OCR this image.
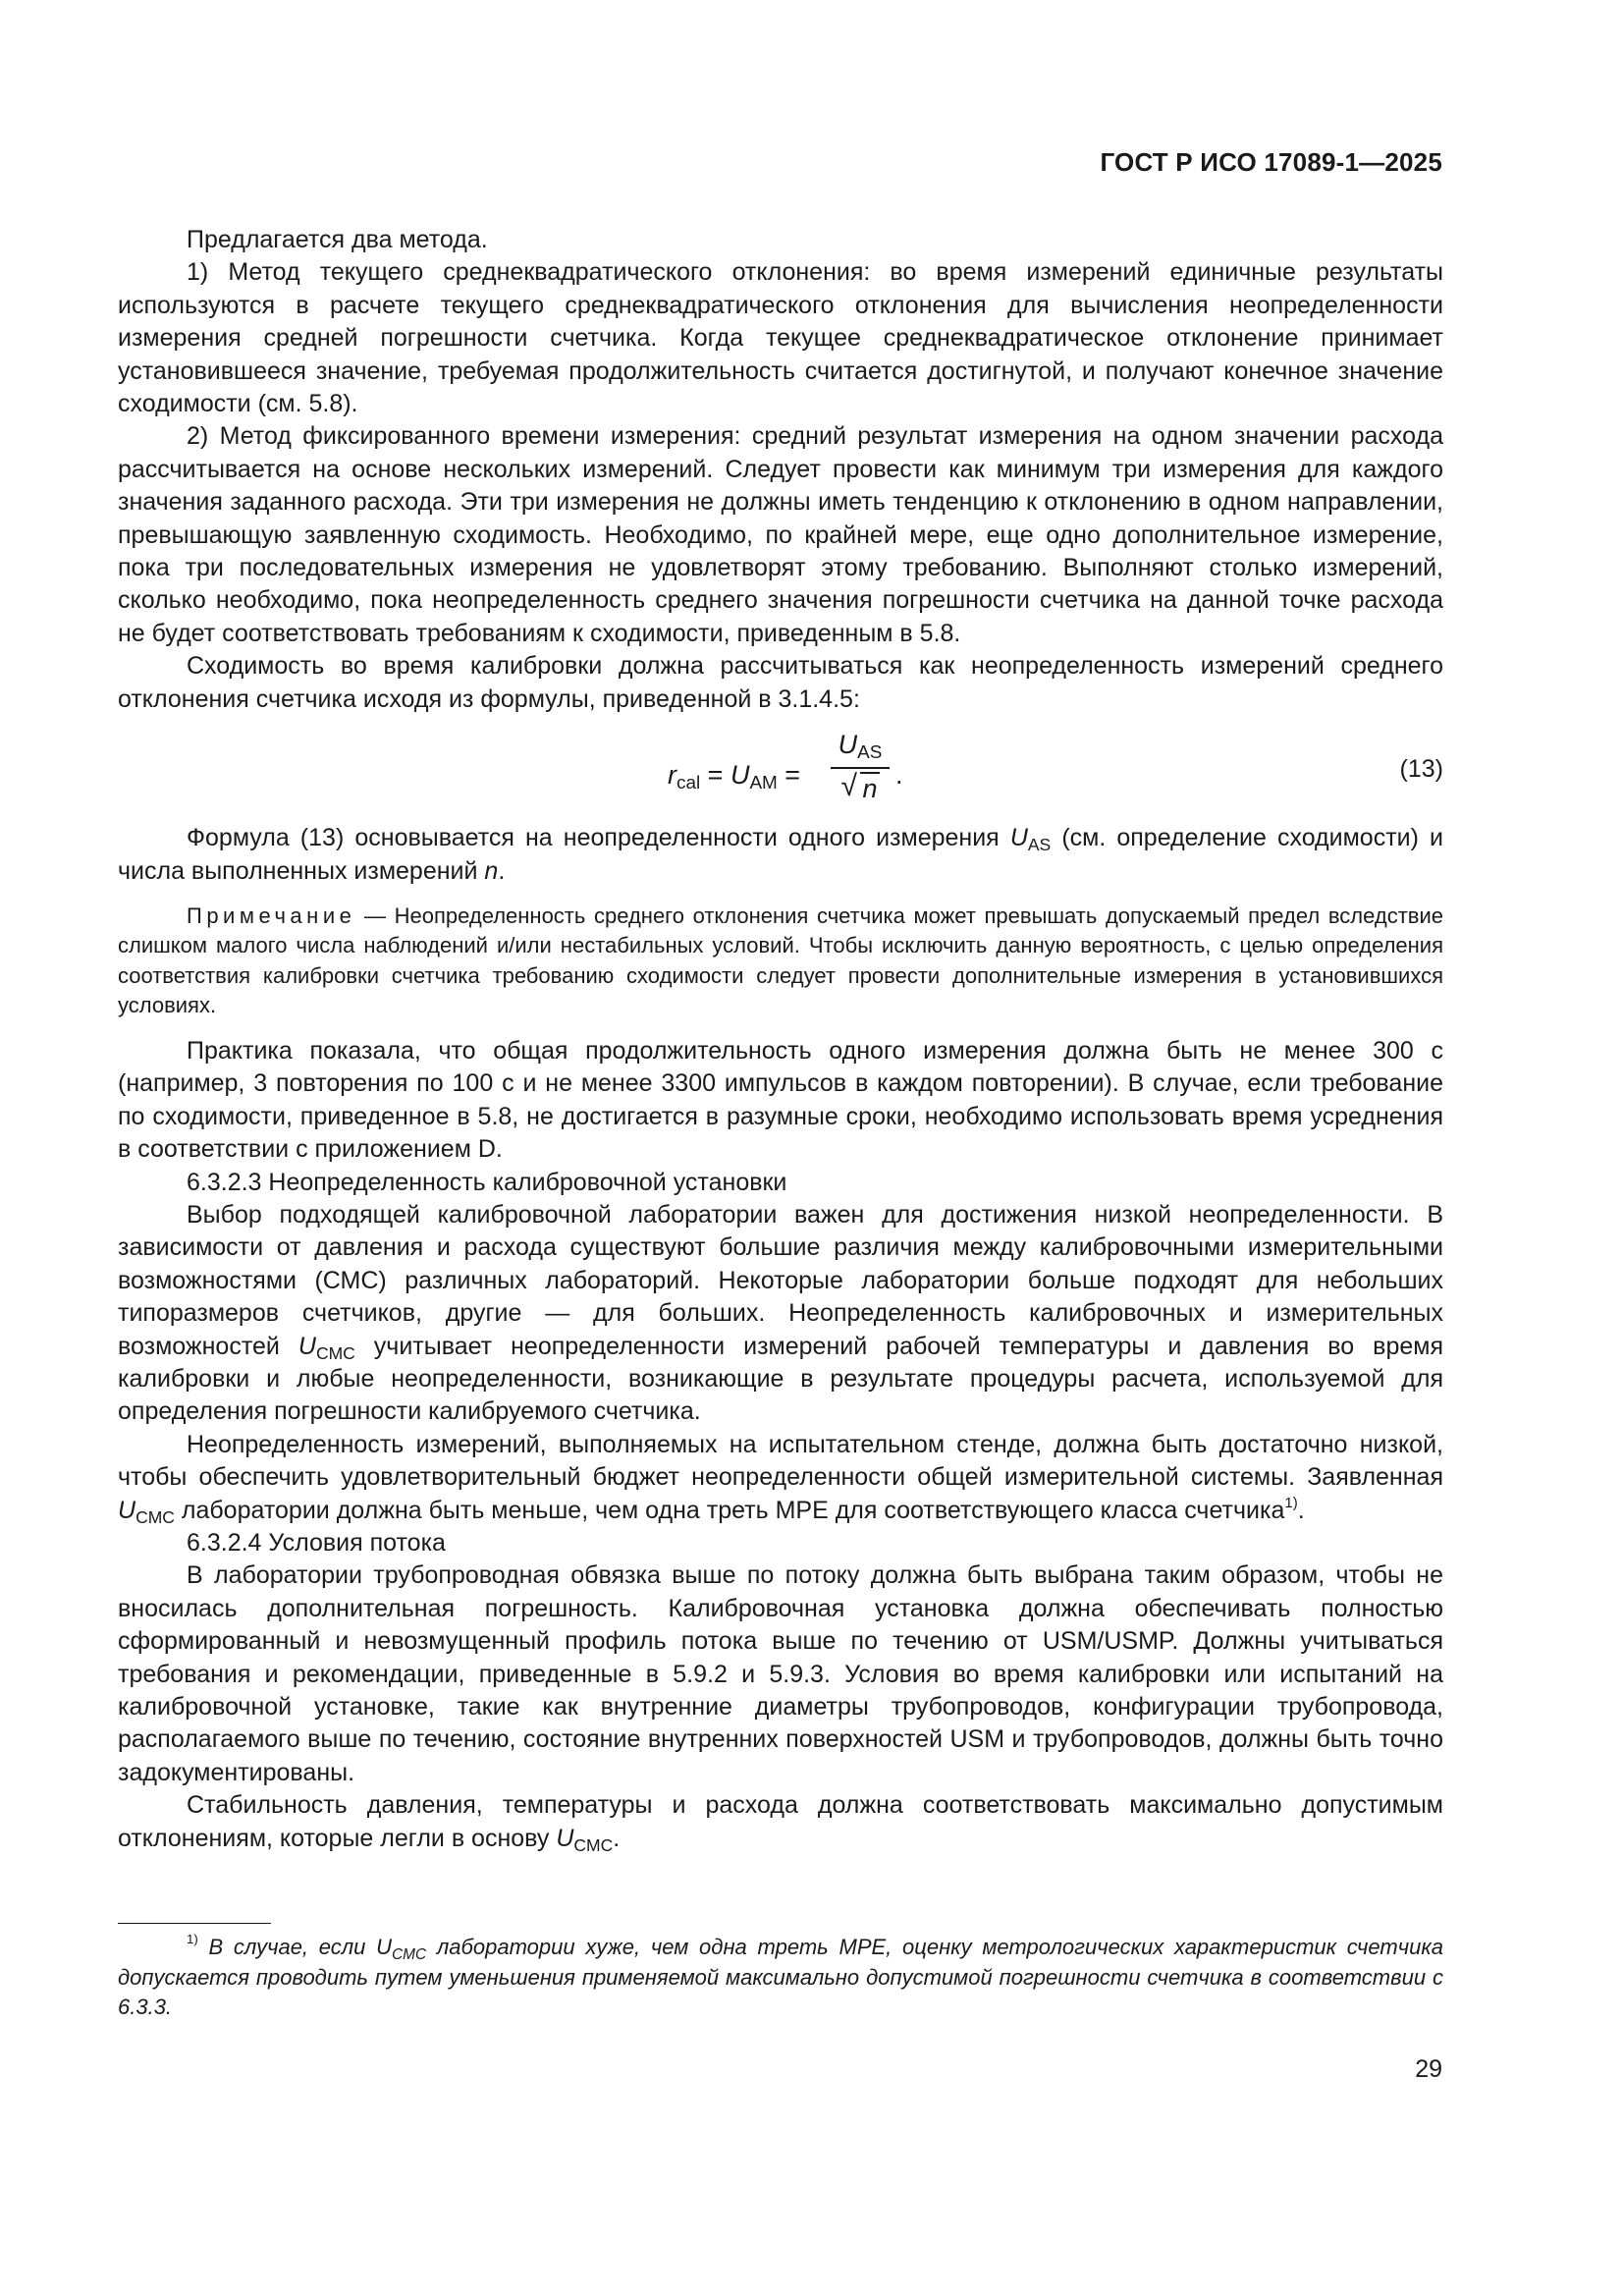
ГОСТ Р ИСО 17089-1—2025

Предлагается два метода.

1) Метод текущего среднеквадратического отклонения: во время измерений единичные результаты используются в расчете текущего среднеквадратического отклонения для вычисления неопределенности измерения средней погрешности счетчика. Когда текущее среднеквадратическое отклонение принимает установившееся значение, требуемая продолжительность считается достигнутой, и получают конечное значение сходимости (см. 5.8).

2) Метод фиксированного времени измерения: средний результат измерения на одном значении расхода рассчитывается на основе нескольких измерений. Следует провести как минимум три измерения для каждого значения заданного расхода. Эти три измерения не должны иметь тенденцию к отклонению в одном направлении, превышающую заявленную сходимость. Необходимо, по крайней мере, еще одно дополнительное измерение, пока три последовательных измерения не удовлетворят этому требованию. Выполняют столько измерений, сколько необходимо, пока неопределенность среднего значения погрешности счетчика на данной точке расхода не будет соответствовать требованиям к сходимости, приведенным в 5.8.

Сходимость во время калибровки должна рассчитываться как неопределенность измерений среднего отклонения счетчика исходя из формулы, приведенной в 3.1.4.5:

$r_{cal} = U_{AM}$ =
$U_{AS}$
√ n .	(13)

Формула (13) основывается на неопределенности одного измерения $U_{AS}$ (см. определение сходимости) и числа выполненных измерений n.

Примечание — Неопределенность среднего отклонения счетчика может превышать допускаемый предел вследствие слишком малого числа наблюдений и/или нестабильных условий. Чтобы исключить данную вероятность, с целью определения соответствия калибровки счетчика требованию сходимости следует провести дополнительные измерения в установившихся условиях.

Практика показала, что общая продолжительность одного измерения должна быть не менее 300 с (например, 3 повторения по 100 с и не менее 3300 импульсов в каждом повторении). В случае, если требование по сходимости, приведенное в 5.8, не достигается в разумные сроки, необходимо использовать время усреднения в соответствии с приложением D.

6.3.2.3 Неопределенность калибровочной установки

Выбор подходящей калибровочной лаборатории важен для достижения низкой неопределенности. В зависимости от давления и расхода существуют большие различия между калибровочными измерительными возможностями (СМС) различных лабораторий. Некоторые лаборатории больше подходят для небольших типоразмеров счетчиков, другие — для больших. Неопределенность калибровочных и измерительных возможностей $U_{CMC}$ учитывает неопределенности измерений рабочей температуры и давления во время калибровки и любые неопределенности, возникающие в результате процедуры расчета, используемой для определения погрешности калибруемого счетчика.

Неопределенность измерений, выполняемых на испытательном стенде, должна быть достаточно низкой, чтобы обеспечить удовлетворительный бюджет неопределенности общей измерительной системы. Заявленная $U_{CMC}$ лаборатории должна быть меньше, чем одна треть МРЕ для соответствующего класса счетчика$^{1)}$.

6.3.2.4 Условия потока

В лаборатории трубопроводная обвязка выше по потоку должна быть выбрана таким образом, чтобы не вносилась дополнительная погрешность. Калибровочная установка должна обеспечивать полностью сформированный и невозмущенный профиль потока выше по течению от USM/USMP. Должны учитываться требования и рекомендации, приведенные в 5.9.2 и 5.9.3. Условия во время калибровки или испытаний на калибровочной установке, такие как внутренние диаметры трубопроводов, конфигурации трубопровода, располагаемого выше по течению, состояние внутренних поверхностей USM и трубопроводов, должны быть точно задокументированы.

Стабильность давления, температуры и расхода должна соответствовать максимально допустимым отклонениям, которые легли в основу $U_{CMC}$.

$^{1)}$ В случае, если $U_{CMC}$ лаборатории хуже, чем одна треть МРЕ, оценку метрологических характеристик счетчика допускается проводить путем уменьшения применяемой максимально допустимой погрешности счетчика в соответствии с 6.3.3.

29
